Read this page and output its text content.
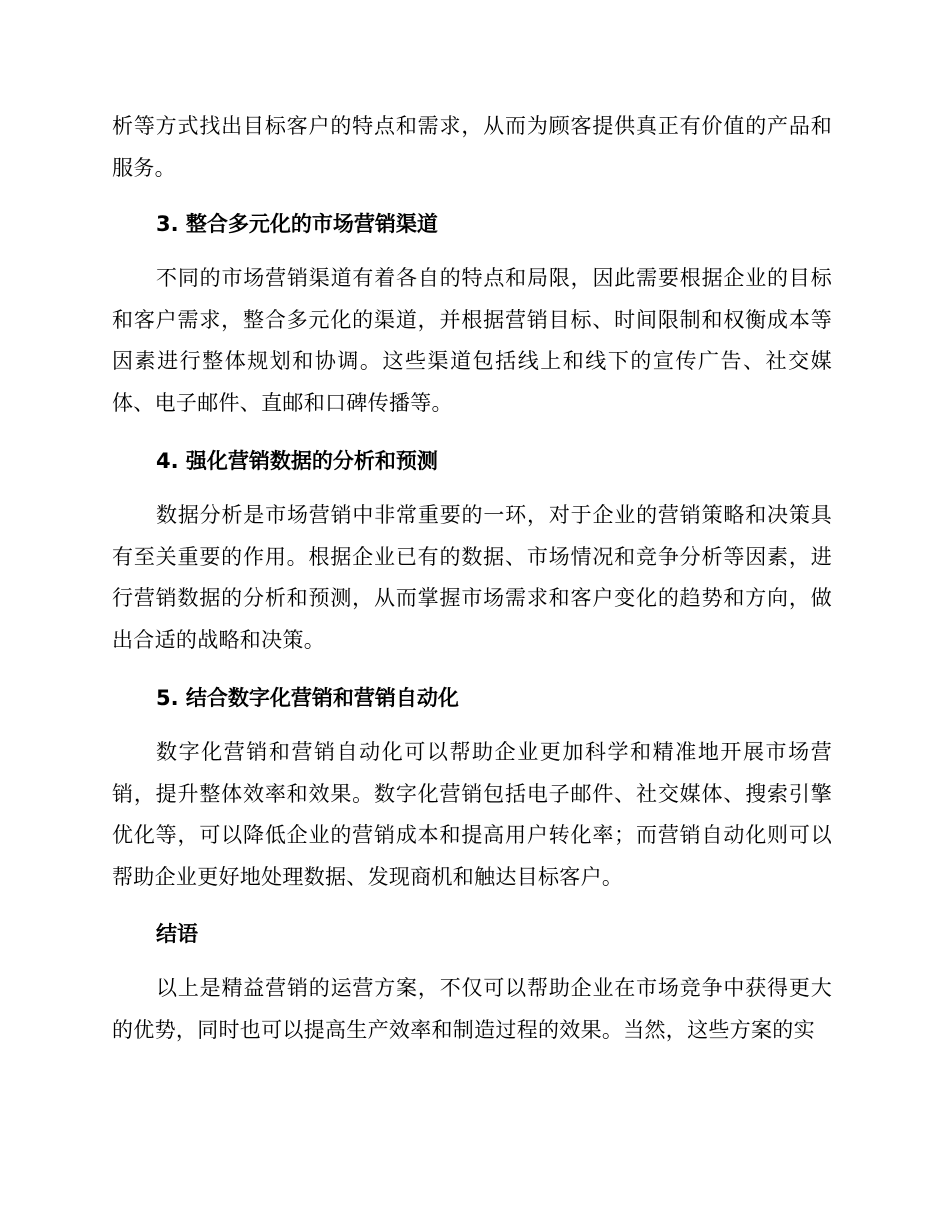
析等方式找出目标客户的特点和需求，从而为顾客提供真正有价值的产品和服务。

3. 整合多元化的市场营销渠道

不同的市场营销渠道有着各自的特点和局限，因此需要根据企业的目标和客户需求，整合多元化的渠道，并根据营销目标、时间限制和权衡成本等因素进行整体规划和协调。这些渠道包括线上和线下的宣传广告、社交媒体、电子邮件、直邮和口碑传播等。

4. 强化营销数据的分析和预测

数据分析是市场营销中非常重要的一环，对于企业的营销策略和决策具有至关重要的作用。根据企业已有的数据、市场情况和竞争分析等因素，进行营销数据的分析和预测，从而掌握市场需求和客户变化的趋势和方向，做出合适的战略和决策。

5. 结合数字化营销和营销自动化

数字化营销和营销自动化可以帮助企业更加科学和精准地开展市场营销，提升整体效率和效果。数字化营销包括电子邮件、社交媒体、搜索引擎优化等，可以降低企业的营销成本和提高用户转化率；而营销自动化则可以帮助企业更好地处理数据、发现商机和触达目标客户。

结语

以上是精益营销的运营方案，不仅可以帮助企业在市场竞争中获得更大的优势，同时也可以提高生产效率和制造过程的效果。当然，这些方案的实
